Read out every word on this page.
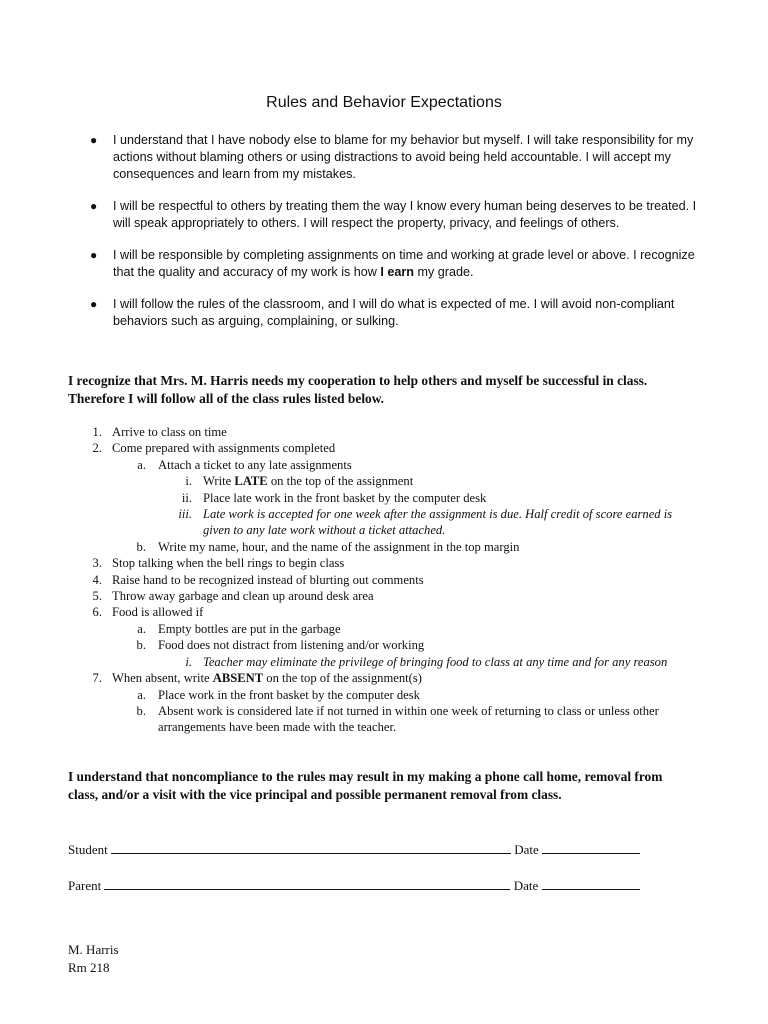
Rules and Behavior Expectations
● I understand that I have nobody else to blame for my behavior but myself. I will take responsibility for my actions without blaming others or using distractions to avoid being held accountable. I will accept my consequences and learn from my mistakes.
● I will be respectful to others by treating them the way I know every human being deserves to be treated. I will speak appropriately to others. I will respect the property, privacy, and feelings of others.
● I will be responsible by completing assignments on time and working at grade level or above. I recognize that the quality and accuracy of my work is how I earn my grade.
● I will follow the rules of the classroom, and I will do what is expected of me. I will avoid non-compliant behaviors such as arguing, complaining, or sulking.
I recognize that Mrs. M. Harris needs my cooperation to help others and myself be successful in class. Therefore I will follow all of the class rules listed below.
1. Arrive to class on time
2. Come prepared with assignments completed
a. Attach a ticket to any late assignments
i. Write LATE on the top of the assignment
ii. Place late work in the front basket by the computer desk
iii. Late work is accepted for one week after the assignment is due. Half credit of score earned is given to any late work without a ticket attached.
b. Write my name, hour, and the name of the assignment in the top margin
3. Stop talking when the bell rings to begin class
4. Raise hand to be recognized instead of blurting out comments
5. Throw away garbage and clean up around desk area
6. Food is allowed if
a. Empty bottles are put in the garbage
b. Food does not distract from listening and/or working
i. Teacher may eliminate the privilege of bringing food to class at any time and for any reason
7. When absent, write ABSENT on the top of the assignment(s)
a. Place work in the front basket by the computer desk
b. Absent work is considered late if not turned in within one week of returning to class or unless other arrangements have been made with the teacher.
I understand that noncompliance to the rules may result in my making a phone call home, removal from class, and/or a visit with the vice principal and possible permanent removal from class.
Student	Date
Parent	Date
M. Harris
Rm 218
